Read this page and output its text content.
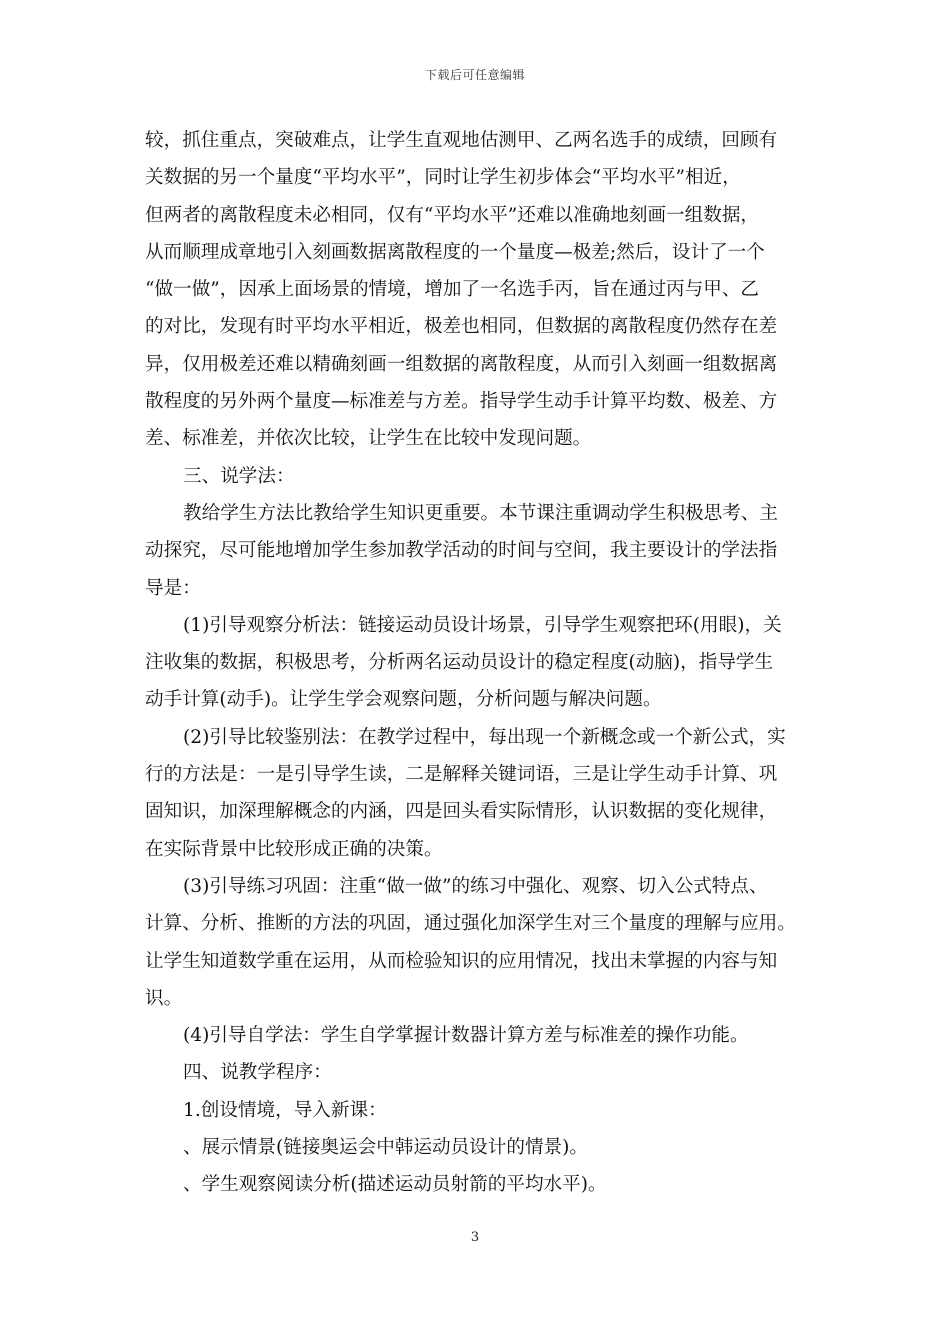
下载后可任意编辑
较，抓住重点，突破难点，让学生直观地估测甲、乙两名选手的成绩，回顾有
关数据的另一个量度“平均水平”，同时让学生初步体会“平均水平”相近，
但两者的离散程度未必相同，仅有“平均水平”还难以准确地刻画一组数据，
从而顺理成章地引入刻画数据离散程度的一个量度—极差;然后，设计了一个
“做一做”，因承上面场景的情境，增加了一名选手丙，旨在通过丙与甲、乙
的对比，发现有时平均水平相近，极差也相同，但数据的离散程度仍然存在差
异，仅用极差还难以精确刻画一组数据的离散程度，从而引入刻画一组数据离
散程度的另外两个量度—标准差与方差。指导学生动手计算平均数、极差、方
差、标准差，并依次比较，让学生在比较中发现问题。
三、说学法：
教给学生方法比教给学生知识更重要。本节课注重调动学生积极思考、主
动探究，尽可能地增加学生参加教学活动的时间与空间，我主要设计的学法指
导是：
(1)引导观察分析法：链接运动员设计场景，引导学生观察把环(用眼)，关
注收集的数据，积极思考，分析两名运动员设计的稳定程度(动脑)，指导学生
动手计算(动手)。让学生学会观察问题，分析问题与解决问题。
(2)引导比较鉴别法：在教学过程中，每出现一个新概念或一个新公式，实
行的方法是：一是引导学生读，二是解释关键词语，三是让学生动手计算、巩
固知识，加深理解概念的内涵，四是回头看实际情形，认识数据的变化规律，
在实际背景中比较形成正确的决策。
(3)引导练习巩固：注重“做一做”的练习中强化、观察、切入公式特点、
计算、分析、推断的方法的巩固，通过强化加深学生对三个量度的理解与应用。
让学生知道数学重在运用，从而检验知识的应用情况，找出未掌握的内容与知
识。
(4)引导自学法：学生自学掌握计数器计算方差与标准差的操作功能。
四、说教学程序：
1.创设情境，导入新课：
、展示情景(链接奥运会中韩运动员设计的情景)。
、学生观察阅读分析(描述运动员射箭的平均水平)。
3
